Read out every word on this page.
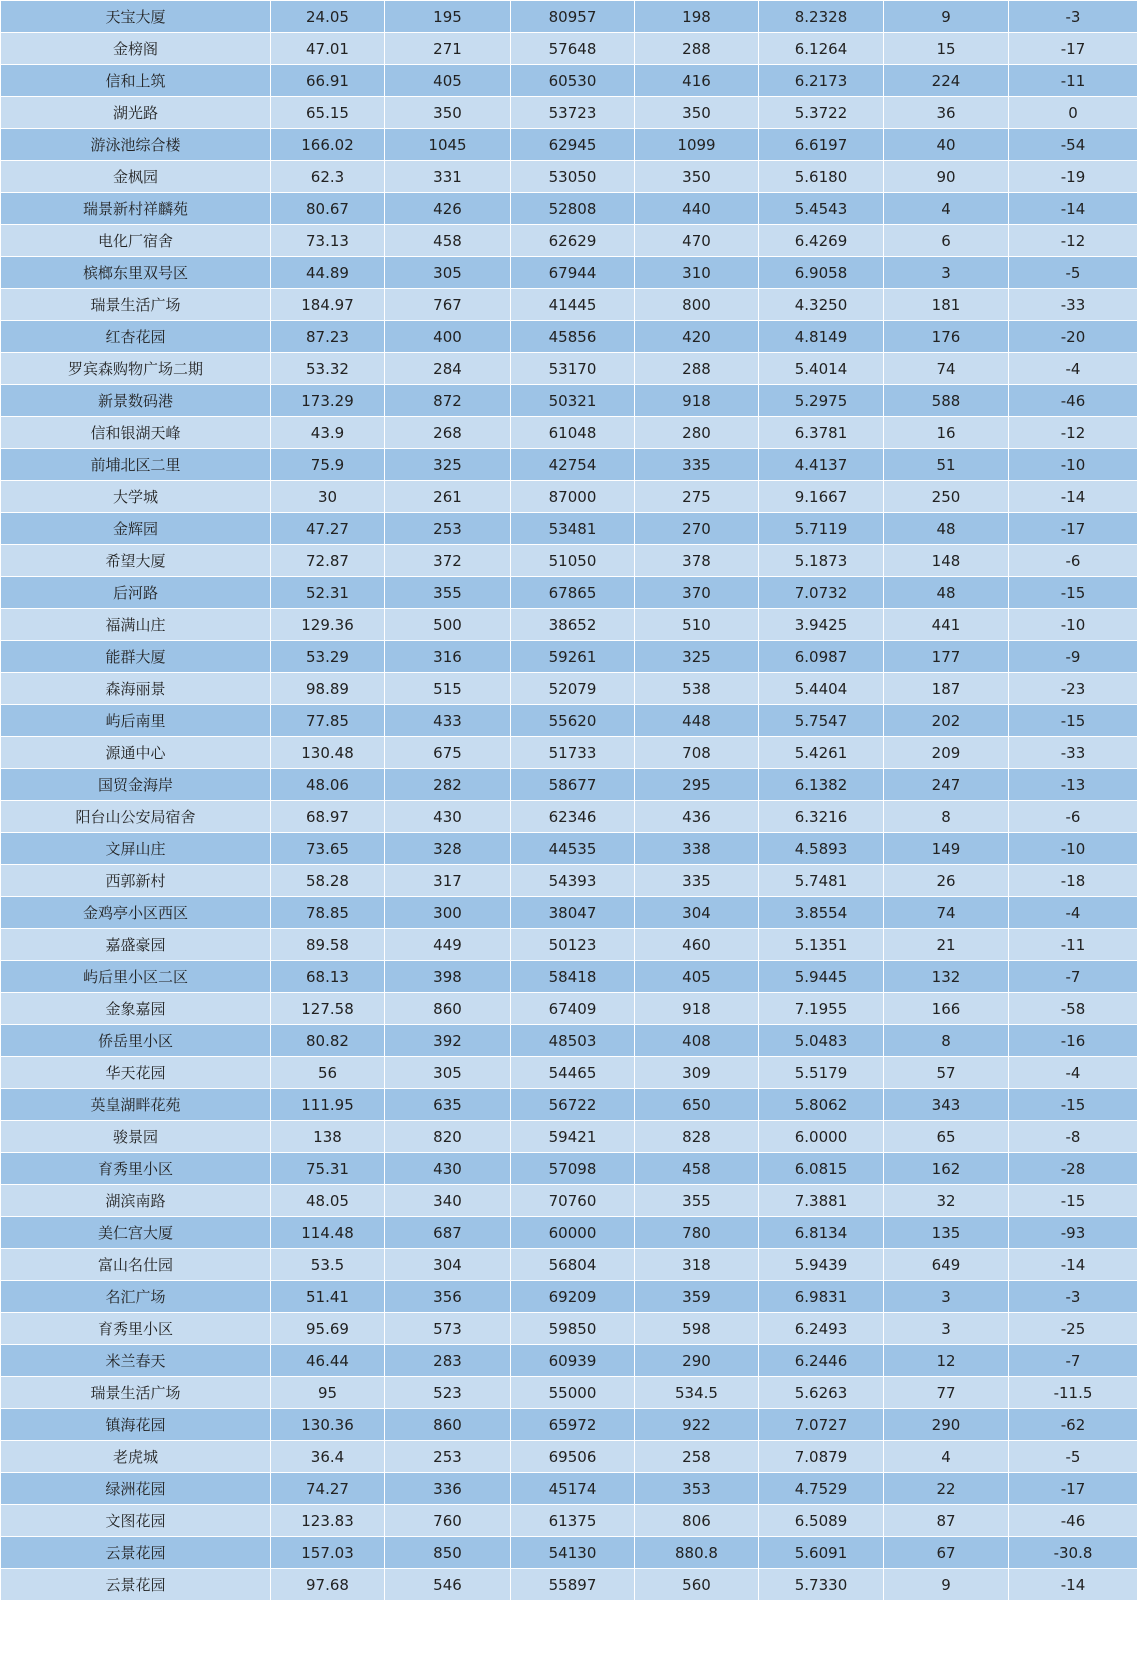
天宝大厦	24.05	195	80957	198	8.2328	9	-3
金榜阁	47.01	271	57648	288	6.1264	15	-17
信和上筑	66.91	405	60530	416	6.2173	224	-11
湖光路	65.15	350	53723	350	5.3722	36	0
游泳池综合楼	166.02	1045	62945	1099	6.6197	40	-54
金枫园	62.3	331	53050	350	5.6180	90	-19
瑞景新村祥麟苑	80.67	426	52808	440	5.4543	4	-14
电化厂宿舍	73.13	458	62629	470	6.4269	6	-12
槟榔东里双号区	44.89	305	67944	310	6.9058	3	-5
瑞景生活广场	184.97	767	41445	800	4.3250	181	-33
红杏花园	87.23	400	45856	420	4.8149	176	-20
罗宾森购物广场二期	53.32	284	53170	288	5.4014	74	-4
新景数码港	173.29	872	50321	918	5.2975	588	-46
信和银湖天峰	43.9	268	61048	280	6.3781	16	-12
前埔北区二里	75.9	325	42754	335	4.4137	51	-10
大学城	30	261	87000	275	9.1667	250	-14
金辉园	47.27	253	53481	270	5.7119	48	-17
希望大厦	72.87	372	51050	378	5.1873	148	-6
后河路	52.31	355	67865	370	7.0732	48	-15
福满山庄	129.36	500	38652	510	3.9425	441	-10
能群大厦	53.29	316	59261	325	6.0987	177	-9
森海丽景	98.89	515	52079	538	5.4404	187	-23
屿后南里	77.85	433	55620	448	5.7547	202	-15
源通中心	130.48	675	51733	708	5.4261	209	-33
国贸金海岸	48.06	282	58677	295	6.1382	247	-13
阳台山公安局宿舍	68.97	430	62346	436	6.3216	8	-6
文屏山庄	73.65	328	44535	338	4.5893	149	-10
西郭新村	58.28	317	54393	335	5.7481	26	-18
金鸡亭小区西区	78.85	300	38047	304	3.8554	74	-4
嘉盛豪园	89.58	449	50123	460	5.1351	21	-11
屿后里小区二区	68.13	398	58418	405	5.9445	132	-7
金象嘉园	127.58	860	67409	918	7.1955	166	-58
侨岳里小区	80.82	392	48503	408	5.0483	8	-16
华天花园	56	305	54465	309	5.5179	57	-4
英皇湖畔花苑	111.95	635	56722	650	5.8062	343	-15
骏景园	138	820	59421	828	6.0000	65	-8
育秀里小区	75.31	430	57098	458	6.0815	162	-28
湖滨南路	48.05	340	70760	355	7.3881	32	-15
美仁宫大厦	114.48	687	60000	780	6.8134	135	-93
富山名仕园	53.5	304	56804	318	5.9439	649	-14
名汇广场	51.41	356	69209	359	6.9831	3	-3
育秀里小区	95.69	573	59850	598	6.2493	3	-25
米兰春天	46.44	283	60939	290	6.2446	12	-7
瑞景生活广场	95	523	55000	534.5	5.6263	77	-11.5
镇海花园	130.36	860	65972	922	7.0727	290	-62
老虎城	36.4	253	69506	258	7.0879	4	-5
绿洲花园	74.27	336	45174	353	4.7529	22	-17
文图花园	123.83	760	61375	806	6.5089	87	-46
云景花园	157.03	850	54130	880.8	5.6091	67	-30.8
云景花园	97.68	546	55897	560	5.7330	9	-14
